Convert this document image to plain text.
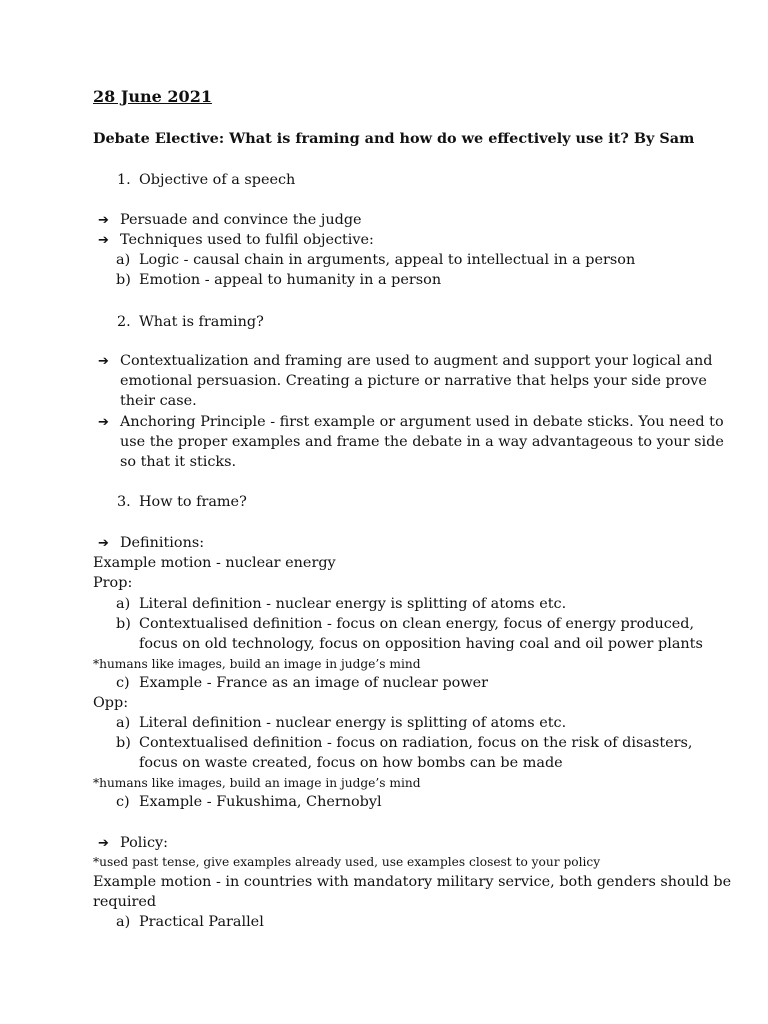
28 June 2021
Debate Elective: What is framing and how do we effectively use it? By Sam
1. Objective of a speech
➔ Persuade and convince the judge
➔ Techniques used to fulfil objective:
a) Logic - causal chain in arguments, appeal to intellectual in a person
b) Emotion - appeal to humanity in a person
2. What is framing?
➔ Contextualization and framing are used to augment and support your logical and
emotional persuasion. Creating a picture or narrative that helps your side prove
their case.
➔ Anchoring Principle - first example or argument used in debate sticks. You need to
use the proper examples and frame the debate in a way advantageous to your side
so that it sticks.
3. How to frame?
➔ Definitions:
Example motion - nuclear energy
Prop:
a) Literal definition - nuclear energy is splitting of atoms etc.
b) Contextualised definition - focus on clean energy, focus of energy produced,
focus on old technology, focus on opposition having coal and oil power plants
*humans like images, build an image in judge’s mind
c) Example - France as an image of nuclear power
Opp:
a) Literal definition - nuclear energy is splitting of atoms etc.
b) Contextualised definition - focus on radiation, focus on the risk of disasters,
focus on waste created, focus on how bombs can be made
*humans like images, build an image in judge’s mind
c) Example - Fukushima, Chernobyl
➔ Policy:
*used past tense, give examples already used, use examples closest to your policy
Example motion - in countries with mandatory military service, both genders should be
required
a) Practical Parallel
